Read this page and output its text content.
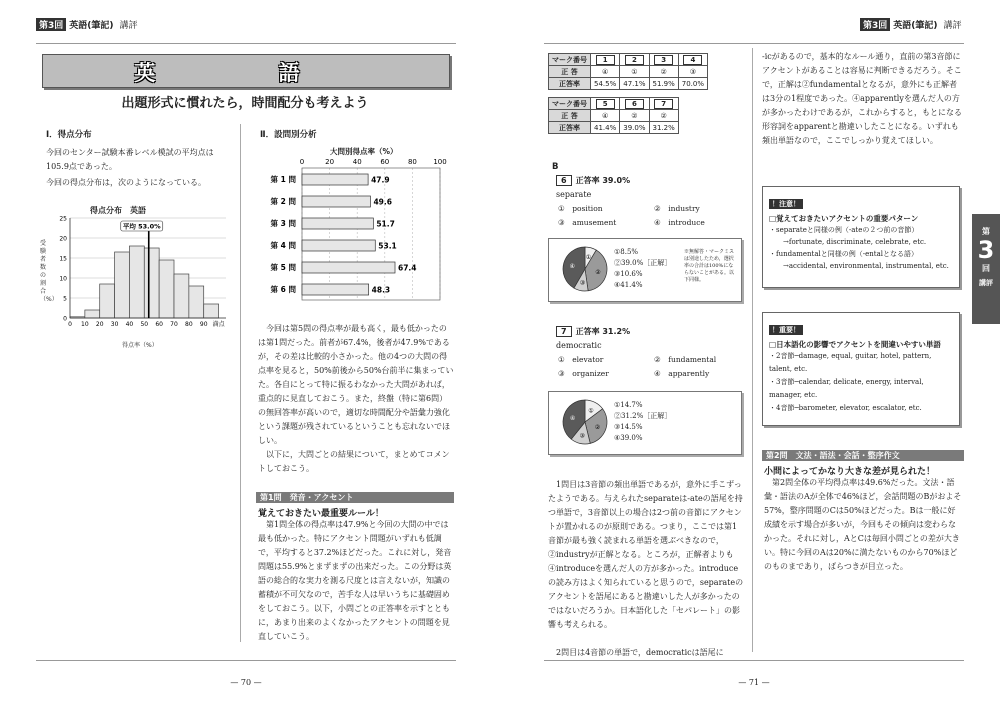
第3回 英語(筆記) 講評
英 語
出題形式に慣れたら，時間配分も考えよう
Ⅰ．得点分布
今回のセンター試験本番レベル模試の平均点は105.9点であった。
今回の得点分布は，次のようになっている。
得点分布　英語
受験者数の割合（%）
25
20
15
10
5
0
0 10 20 30 40 50 60 70 80 90 満点
平均 53.0%
得点率（%）
Ⅱ．設問別分析
大問別得点率（%）
0	20	40	60	80 100
第 1 問	47.9
第 2 問	49.6
第 3 問	51.7
第 4 問	53.1
第 5 問	67.4
第 6 問	48.3
今回は第5問の得点率が最も高く，最も低かったのは第1問だった。前者が67.4%，後者が47.9%であるが，その差は比較的小さかった。他の4つの大問の得点率を見ると，50%前後から50%台前半に集まっていた。各自にとって特に振るわなかった大問があれば，重点的に見直しておこう。また，終盤（特に第6問）の無回答率が高いので，適切な時間配分や語彙力強化という課題が残されているということも忘れないでほしい。
以下に，大問ごとの結果について，まとめてコメントしておこう。
第1問　発音・アクセント
覚えておきたい最重要ルール！
第1問全体の得点率は47.9%と今回の大問の中では最も低かった。特にアクセント問題がいずれも低調で，平均すると37.2%ほどだった。これに対し，発音問題は55.9%とまずまずの出来だった。この分野は英語の総合的な実力を測る尺度とは言えないが，知識の蓄積が不可欠なので，苦手な人は早いうちに基礎固めをしておこう。以下，小問ごとの正答率を示すとともに，あまり出来のよくなかったアクセントの問題を見直していこう。
— 70 —
第3回 英語(筆記) 講評
マーク番号	1	2	3	4
正 答	④	①	②	③
正答率	54.5%	47.1%	51.9%	70.0%
マーク番号	5	6	7
正 答	④	②	②
正答率	41.4%	39.0%	31.2%
B
6 正答率 39.0%
separate
①　position	②　industry
③　amusement	④　introduce
①
②
③
④
①8.5%
②39.0%［正解］
③10.6%
④41.4%
※無解答・マークミスは別途したため，選択率の合計は100%にならないことがある。以下同様。
7 正答率 31.2%
democratic
①　elevator	②　fundamental
③　organizer	④　apparently
①
②
③
④
①14.7%
②31.2%［正解］
③14.5%
④39.0%
1問目は3音節の頻出単語であるが，意外に手こずったようである。与えられたseparateは-ateの語尾を持つ単語で，3音節以上の場合は2つ前の音節にアクセントが置かれるのが原則である。つまり，ここでは第1音節が最も強く読まれる単語を選ぶべきなので，②industryが正解となる。ところが，正解者よりも④introduceを選んだ人の方が多かった。introduceの読み方はよく知られていると思うので，separateのアクセントを語尾にあると勘違いした人が多かったのではないだろうか。日本語化した「セパレート」の影響も考えられる。
2問目は4音節の単語で，democraticは語尾に
-icがあるので，基本的なルール通り，直前の第3音節にアクセントがあることは容易に判断できるだろう。そこで，正解は②fundamentalとなるが，意外にも正解者は3分の1程度であった。④apparentlyを選んだ人の方が多かったわけであるが，これからすると，もとになる形容詞をapparentと勘違いしたことになる。いずれも頻出単語なので，ここでしっかり覚えてほしい。
！注意！
□覚えておきたいアクセントの重要パターン
・separateと同様の例（-ateの２つ前の音節）
→fortunate, discriminate, celebrate, etc.
・fundamentalと同様の例（-entalとなる語）
→accidental, environmental, instrumental, etc.
！重要！
□日本語化の影響でアクセントを間違いやすい単語
・2音節─damage, equal, guitar, hotel, pattern, talent, etc.
・3音節─calendar, delicate, energy, interval, manager, etc.
・4音節─barometer, elevator, escalator, etc.
第2問　文法・語法・会話・整序作文
小問によってかなり大きな差が見られた！
第2問全体の平均得点率は49.6%だった。文法・語彙・語法のAが全体で46%ほど，会話問題のBがおよそ57%，整序問題のCは50%ほどだった。Bは一般に好成績を示す場合が多いが，今回もその傾向は変わらなかった。それに対し，AとCは毎回小問ごとの差が大きい。特に今回のAは20%に満たないものから70%ほどのものまであり，ばらつきが目立った。
第
3
回
講評
— 71 —
